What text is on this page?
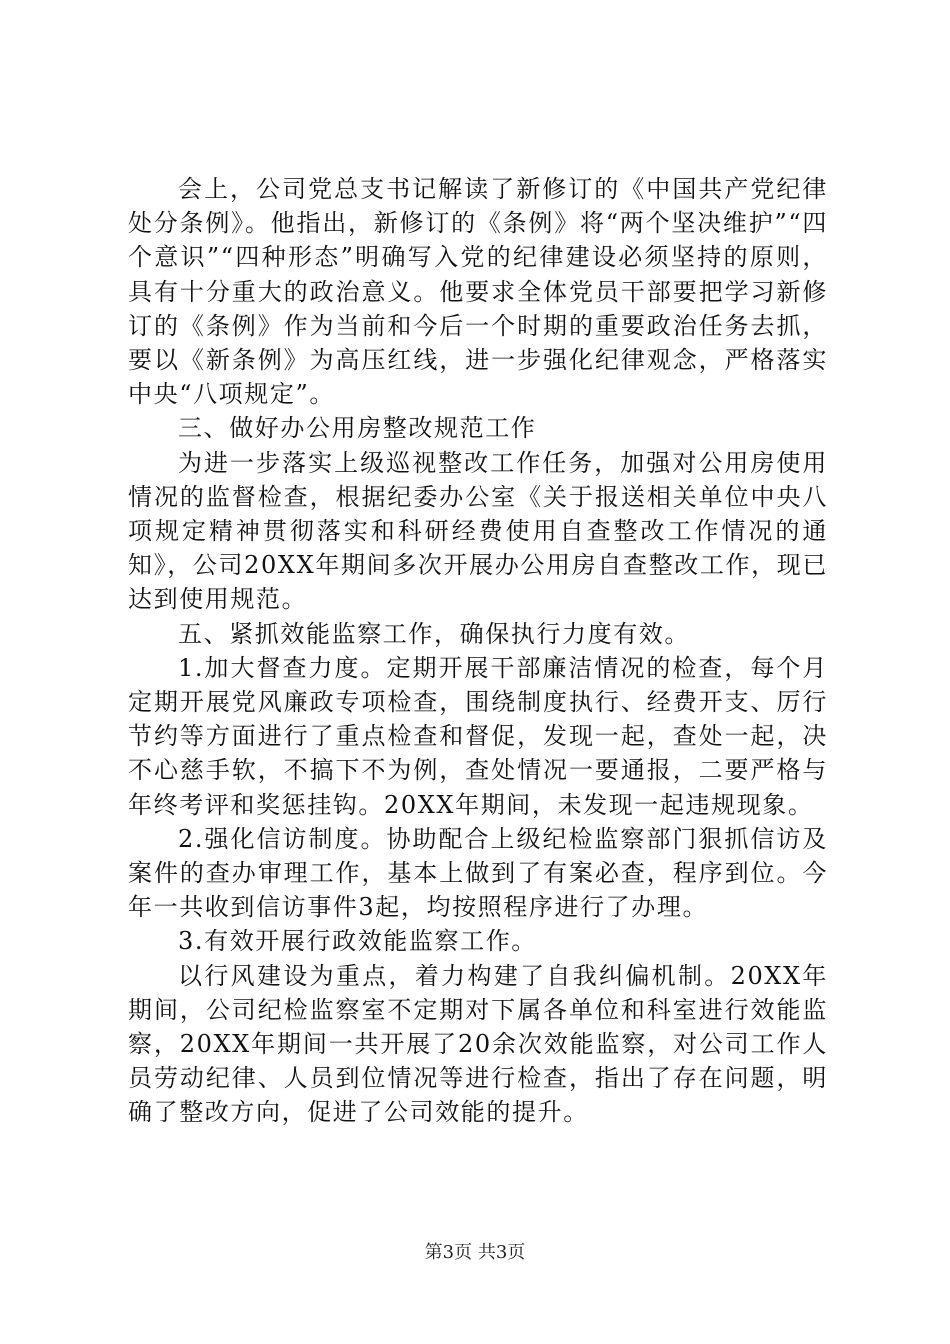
会上，公司党总支书记解读了新修订的《中国共产党纪律处分条例》。他指出，新修订的《条例》将“两个坚决维护”“四个意识”“四种形态”明确写入党的纪律建设必须坚持的原则，具有十分重大的政治意义。他要求全体党员干部要把学习新修订的《条例》作为当前和今后一个时期的重要政治任务去抓，要以《新条例》为高压红线，进一步强化纪律观念，严格落实中央“八项规定”。

三、做好办公用房整改规范工作

为进一步落实上级巡视整改工作任务，加强对公用房使用情况的监督检查，根据纪委办公室《关于报送相关单位中央八项规定精神贯彻落实和科研经费使用自查整改工作情况的通知》，公司20XX年期间多次开展办公用房自查整改工作，现已达到使用规范。

五、紧抓效能监察工作，确保执行力度有效。

1.加大督查力度。定期开展干部廉洁情况的检查，每个月定期开展党风廉政专项检查，围绕制度执行、经费开支、厉行节约等方面进行了重点检查和督促，发现一起，查处一起，决不心慈手软，不搞下不为例，查处情况一要通报，二要严格与年终考评和奖惩挂钩。20XX年期间，未发现一起违规现象。

2.强化信访制度。协助配合上级纪检监察部门狠抓信访及案件的查办审理工作，基本上做到了有案必查，程序到位。今年一共收到信访事件3起，均按照程序进行了办理。

3.有效开展行政效能监察工作。

以行风建设为重点，着力构建了自我纠偏机制。20XX年期间，公司纪检监察室不定期对下属各单位和科室进行效能监察，20XX年期间一共开展了20余次效能监察，对公司工作人员劳动纪律、人员到位情况等进行检查，指出了存在问题，明确了整改方向，促进了公司效能的提升。

第3页 共3页
